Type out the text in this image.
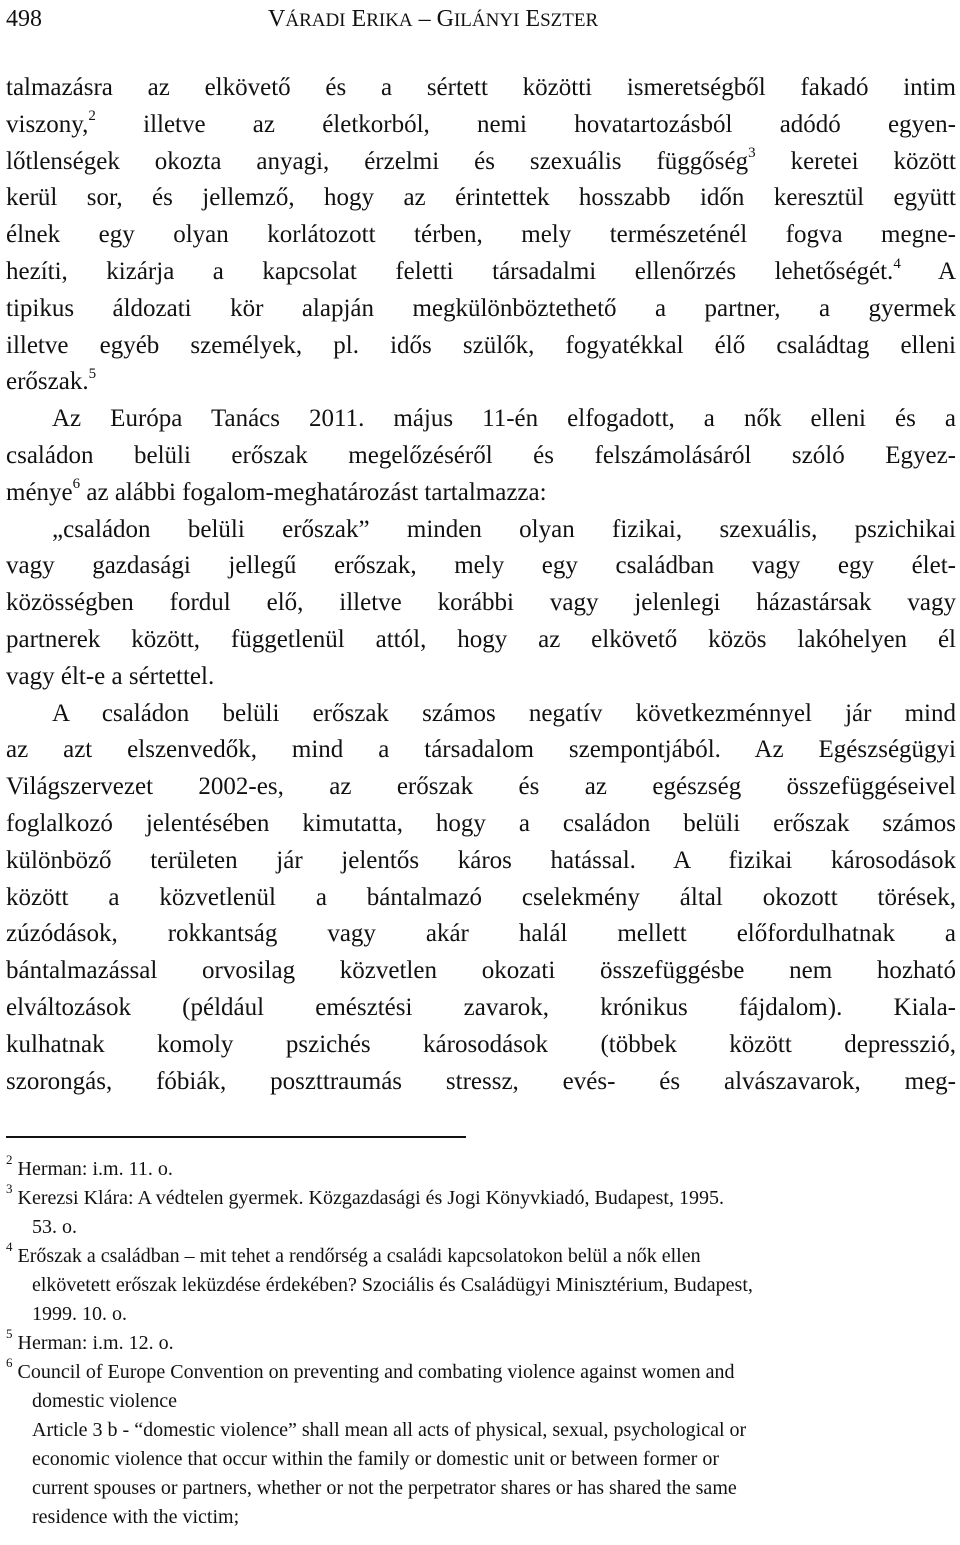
498	VÁRADI ERIKA – GILÁNYI ESZTER
talmazásra az elkövető és a sértett közötti ismeretségből fakadó intim
viszony,$^2$ illetve az életkorból, nemi hovatartozásból adódó egyen-
lőtlenségek okozta anyagi, érzelmi és szexuális függőség$^3$ keretei között
kerül sor, és jellemző, hogy az érintettek hosszabb időn keresztül együtt
élnek egy olyan korlátozott térben, mely természeténél fogva megne-
hezíti, kizárja a kapcsolat feletti társadalmi ellenőrzés lehetőségét.$^4$ A
tipikus áldozati kör alapján megkülönböztethető a partner, a gyermek
illetve egyéb személyek, pl. idős szülők, fogyatékkal élő családtag elleni
erőszak.$^5$
Az Európa Tanács 2011. május 11-én elfogadott, a nők elleni és a
családon belüli erőszak megelőzéséről és felszámolásáról szóló Egyez-
ménye$^6$ az alábbi fogalom-meghatározást tartalmazza:
„családon belüli erőszak” minden olyan fizikai, szexuális, pszichikai
vagy gazdasági jellegű erőszak, mely egy családban vagy egy élet-
közösségben fordul elő, illetve korábbi vagy jelenlegi házastársak vagy
partnerek között, függetlenül attól, hogy az elkövető közös lakóhelyen él
vagy élt-e a sértettel.
A családon belüli erőszak számos negatív következménnyel jár mind
az azt elszenvedők, mind a társadalom szempontjából. Az Egészségügyi
Világszervezet 2002-es, az erőszak és az egészség összefüggéseivel
foglalkozó jelentésében kimutatta, hogy a családon belüli erőszak számos
különböző területen jár jelentős káros hatással. A fizikai károsodások
között a közvetlenül a bántalmazó cselekmény által okozott törések,
zúzódások, rokkantság vagy akár halál mellett előfordulhatnak a
bántalmazással orvosilag közvetlen okozati összefüggésbe nem hozható
elváltozások (például emésztési zavarok, krónikus fájdalom). Kiala-
kulhatnak komoly pszichés károsodások (többek között depresszió,
szorongás, fóbiák, poszttraumás stressz, evés- és alvászavarok, meg-
$^2$ Herman: i.m. 11. o.
$^3$ Kerezsi Klára: A védtelen gyermek. Közgazdasági és Jogi Könyvkiadó, Budapest, 1995.
53. o.
$^4$ Erőszak a családban – mit tehet a rendőrség a családi kapcsolatokon belül a nők ellen
elkövetett erőszak leküzdése érdekében? Szociális és Családügyi Minisztérium, Budapest,
1999. 10. o.
$^5$ Herman: i.m. 12. o.
$^6$ Council of Europe Convention on preventing and combating violence against women and
domestic violence
Article 3 b - “domestic violence” shall mean all acts of physical, sexual, psychological or
economic violence that occur within the family or domestic unit or between former or
current spouses or partners, whether or not the perpetrator shares or has shared the same
residence with the victim;
